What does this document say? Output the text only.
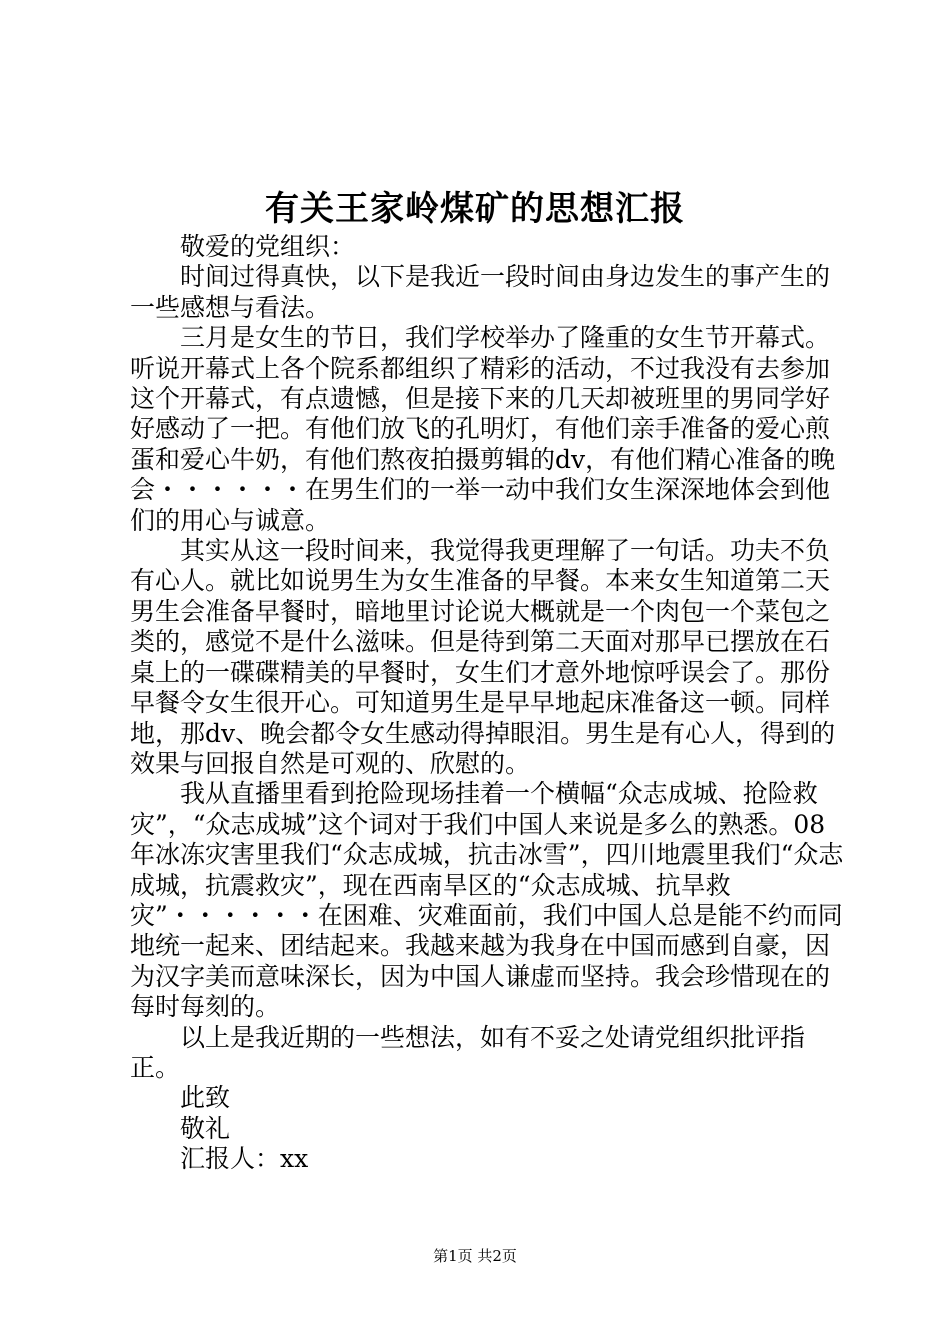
有关王家岭煤矿的思想汇报

敬爱的党组织：

时间过得真快，以下是我近一段时间由身边发生的事产生的一些感想与看法。

三月是女生的节日，我们学校举办了隆重的女生节开幕式。听说开幕式上各个院系都组织了精彩的活动，不过我没有去参加这个开幕式，有点遗憾，但是接下来的几天却被班里的男同学好好感动了一把。有他们放飞的孔明灯，有他们亲手准备的爱心煎蛋和爱心牛奶，有他们熬夜拍摄剪辑的dv，有他们精心准备的晚会・・・・・・在男生们的一举一动中我们女生深深地体会到他们的用心与诚意。

其实从这一段时间来，我觉得我更理解了一句话。功夫不负有心人。就比如说男生为女生准备的早餐。本来女生知道第二天男生会准备早餐时，暗地里讨论说大概就是一个肉包一个菜包之类的，感觉不是什么滋味。但是待到第二天面对那早已摆放在石桌上的一碟碟精美的早餐时，女生们才意外地惊呼误会了。那份早餐令女生很开心。可知道男生是早早地起床准备这一顿。同样地，那dv、晚会都令女生感动得掉眼泪。男生是有心人，得到的效果与回报自然是可观的、欣慰的。

我从直播里看到抢险现场挂着一个横幅“众志成城、抢险救灾”，“众志成城”这个词对于我们中国人来说是多么的熟悉。08年冰冻灾害里我们“众志成城，抗击冰雪”，四川地震里我们“众志成城，抗震救灾”，现在西南旱区的“众志成城、抗旱救灾”・・・・・・在困难、灾难面前，我们中国人总是能不约而同地统一起来、团结起来。我越来越为我身在中国而感到自豪，因为汉字美而意味深长，因为中国人谦虚而坚持。我会珍惜现在的每时每刻的。

以上是我近期的一些想法，如有不妥之处请党组织批评指正。

此致

敬礼

汇报人：xx

第1页 共2页
